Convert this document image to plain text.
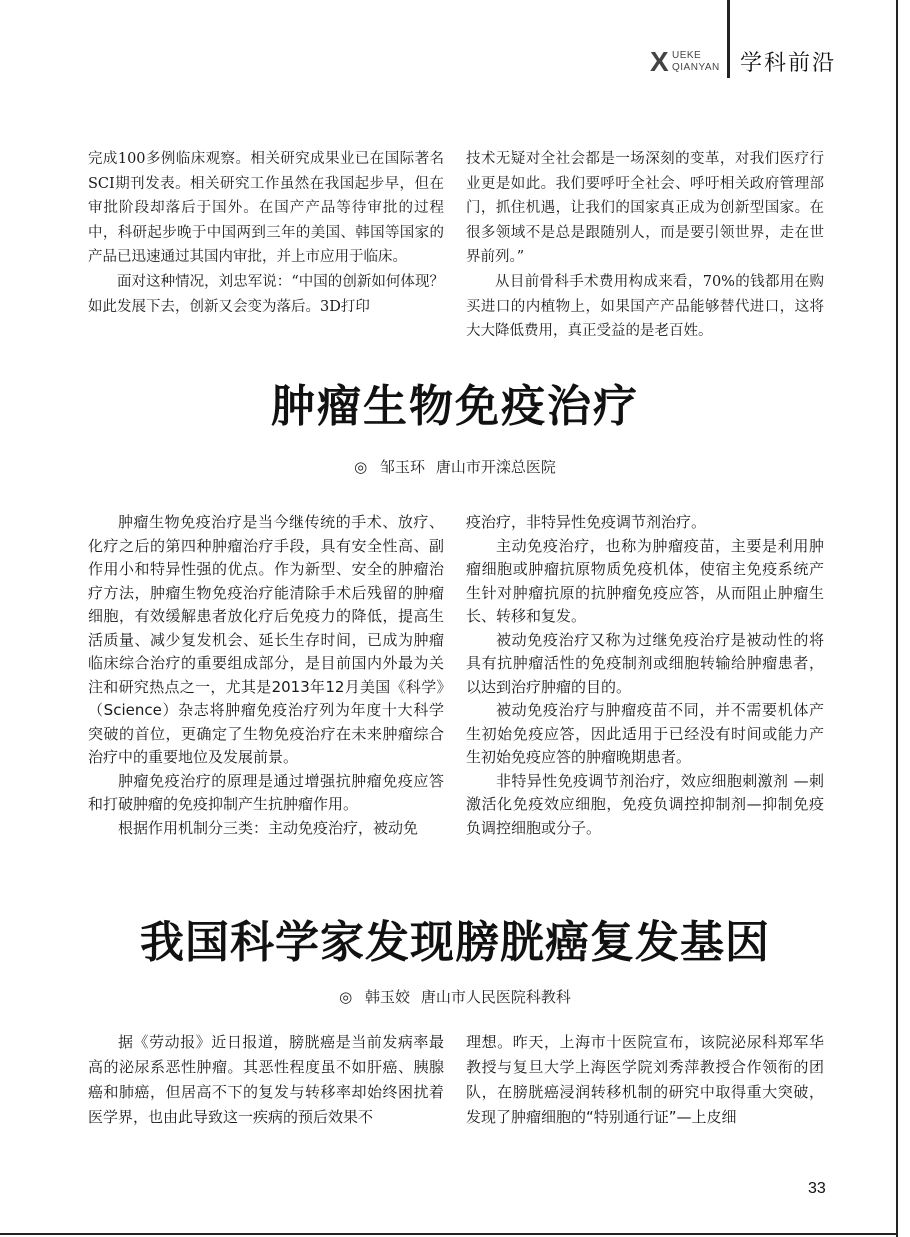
X UEKE
QIANYAN 学科前沿

完成100多例临床观察。相关研究成果业已在国际著名SCI期刊发表。相关研究工作虽然在我国起步早，但在审批阶段却落后于国外。在国产产品等待审批的过程中，科研起步晚于中国两到三年的美国、韩国等国家的产品已迅速通过其国内审批，并上市应用于临床。

面对这种情况，刘忠军说：“中国的创新如何体现？如此发展下去，创新又会变为落后。3D打印

技术无疑对全社会都是一场深刻的变革，对我们医疗行业更是如此。我们要呼吁全社会、呼吁相关政府管理部门，抓住机遇，让我们的国家真正成为创新型国家。在很多领域不是总是跟随别人，而是要引领世界，走在世界前列。”

从目前骨科手术费用构成来看，70%的钱都用在购买进口的内植物上，如果国产产品能够替代进口，这将大大降低费用，真正受益的是老百姓。

肿瘤生物免疫治疗
◎ 邹玉环 唐山市开滦总医院

肿瘤生物免疫治疗是当今继传统的手术、放疗、化疗之后的第四种肿瘤治疗手段，具有安全性高、副作用小和特异性强的优点。作为新型、安全的肿瘤治疗方法，肿瘤生物免疫治疗能清除手术后残留的肿瘤细胞，有效缓解患者放化疗后免疫力的降低，提高生活质量、减少复发机会、延长生存时间，已成为肿瘤临床综合治疗的重要组成部分，是目前国内外最为关注和研究热点之一，尤其是2013年12月美国《科学》（Science）杂志将肿瘤免疫治疗列为年度十大科学突破的首位，更确定了生物免疫治疗在未来肿瘤综合治疗中的重要地位及发展前景。

肿瘤免疫治疗的原理是通过增强抗肿瘤免疫应答和打破肿瘤的免疫抑制产生抗肿瘤作用。

根据作用机制分三类：主动免疫治疗，被动免

疫治疗，非特异性免疫调节剂治疗。

主动免疫治疗，也称为肿瘤疫苗，主要是利用肿瘤细胞或肿瘤抗原物质免疫机体，使宿主免疫系统产生针对肿瘤抗原的抗肿瘤免疫应答，从而阻止肿瘤生长、转移和复发。

被动免疫治疗又称为过继免疫治疗是被动性的将具有抗肿瘤活性的免疫制剂或细胞转输给肿瘤患者，以达到治疗肿瘤的目的。

被动免疫治疗与肿瘤疫苗不同，并不需要机体产生初始免疫应答，因此适用于已经没有时间或能力产生初始免疫应答的肿瘤晚期患者。

非特异性免疫调节剂治疗，效应细胞刺激剂 —刺激活化免疫效应细胞，免疫负调控抑制剂—抑制免疫负调控细胞或分子。

我国科学家发现膀胱癌复发基因
◎ 韩玉姣 唐山市人民医院科教科

据《劳动报》近日报道，膀胱癌是当前发病率最高的泌尿系恶性肿瘤。其恶性程度虽不如肝癌、胰腺癌和肺癌，但居高不下的复发与转移率却始终困扰着医学界，也由此导致这一疾病的预后效果不

理想。昨天，上海市十医院宣布，该院泌尿科郑军华教授与复旦大学上海医学院刘秀萍教授合作领衔的团队，在膀胱癌浸润转移机制的研究中取得重大突破，发现了肿瘤细胞的“特别通行证”—上皮细

33
